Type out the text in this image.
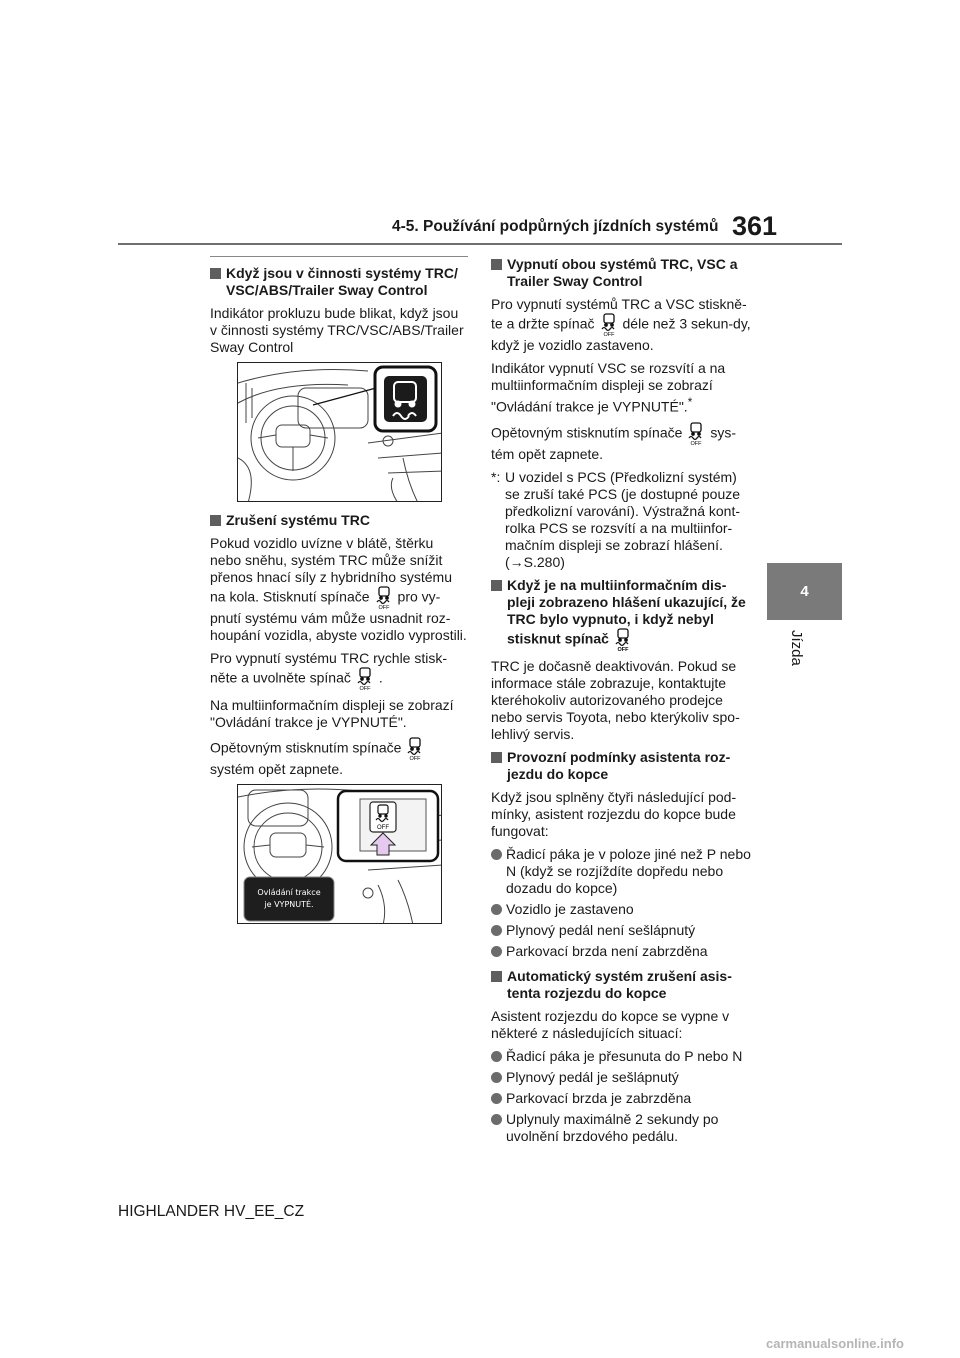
4-5. Používání podpůrných jízdních systémů 361
4
Jízda
Když jsou v činnosti systémy TRC/ VSC/ABS/Trailer Sway Control

Indikátor prokluzu bude blikat, když jsou v činnosti systémy TRC/VSC/ABS/Trailer Sway Control

Zrušení systému TRC

Pokud vozidlo uvízne v blátě, štěrku nebo sněhu, systém TRC může snížit přenos hnací síly z hybridního systému na kola. Stisknutí spínače
OFF
pro vy-pnutí systému vám může usnadnit roz-houpání vozidla, abyste vozidlo vyprostili.

Pro vypnutí systému TRC rychle stisk-něte a uvolněte spínač
OFF
.

Na multiinformačním displeji se zobrazí "Ovládání trakce je VYPNUTÉ".

Opětovným stisknutím spínače
OFF

systém opět zapnete.

OFF
Ovládání trakce
je VYPNUTÉ.
Vypnutí obou systémů TRC, VSC a Trailer Sway Control

Pro vypnutí systémů TRC a VSC stiskně-te a držte spínač
OFF
déle než 3 sekun-dy, když je vozidlo zastaveno.

Indikátor vypnutí VSC se rozsvítí a na multiinformačním displeji se zobrazí "Ovládání trakce je VYPNUTÉ".*

Opětovným stisknutím spínače
OFF
sys-tém opět zapnete.

*: U vozidel s PCS (Předkolizní systém) se zruší také PCS (je dostupné pouze předkolizní varování). Výstražná kont-rolka PCS se rozsvítí a na multiinfor-mačním displeji se zobrazí hlášení. (→S.280)
Když je na multiinformačním dis-pleji zobrazeno hlášení ukazující, že TRC bylo vypnuto, i když nebyl stisknut spínač
OFF

TRC je dočasně deaktivován. Pokud se informace stále zobrazuje, kontaktujte kteréhokoliv autorizovaného prodejce nebo servis Toyota, nebo kterýkoliv spo-lehlivý servis.

Provozní podmínky asistenta roz-jezdu do kopce

Když jsou splněny čtyři následující pod-mínky, asistent rozjezdu do kopce bude fungovat:

Řadicí páka je v poloze jiné než P nebo N (když se rozjíždíte dopředu nebo dozadu do kopce)
Vozidlo je zastaveno
Plynový pedál není sešlápnutý
Parkovací brzda není zabrzděna
Automatický systém zrušení asis-tenta rozjezdu do kopce

Asistent rozjezdu do kopce se vypne v některé z následujících situací:

Řadicí páka je přesunuta do P nebo N
Plynový pedál je sešlápnutý
Parkovací brzda je zabrzděna
Uplynuly maximálně 2 sekundy po uvolnění brzdového pedálu.
HIGHLANDER HV_EE_CZ
carmanualsonline.info
